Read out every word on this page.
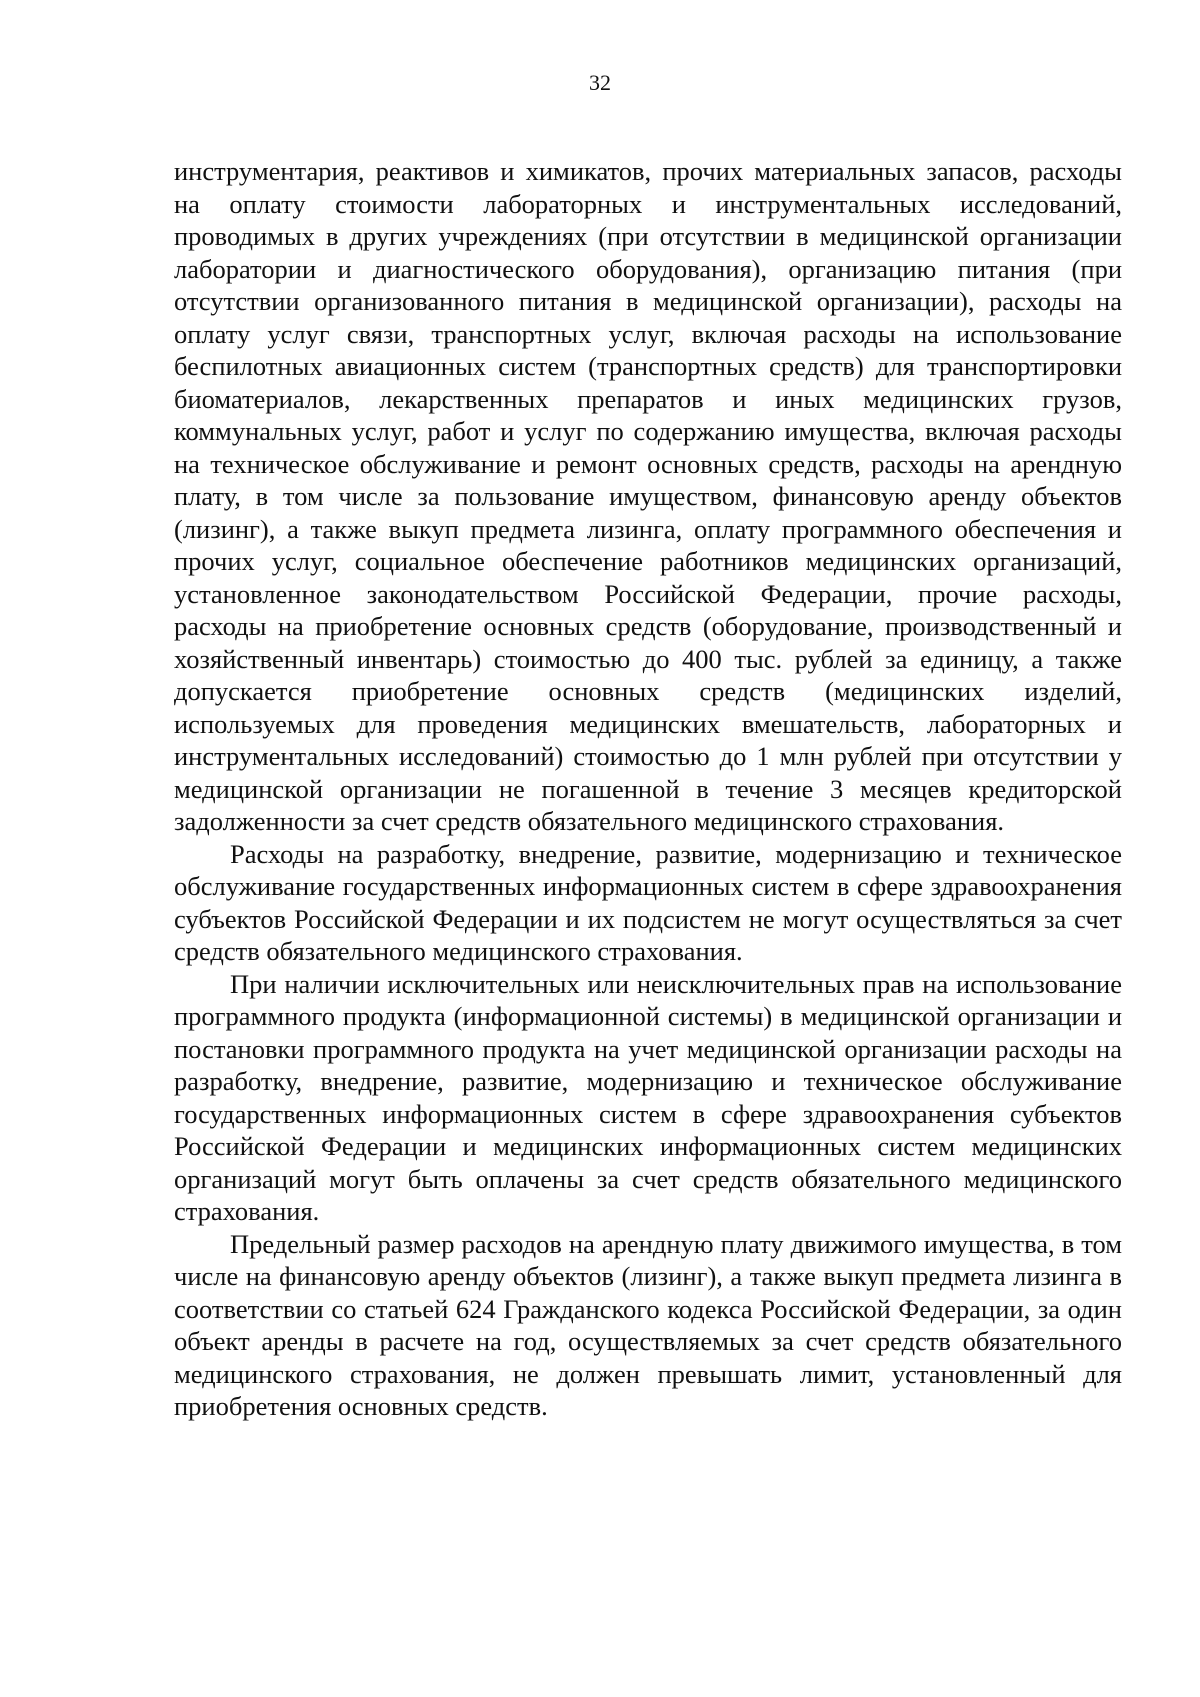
32

инструментария, реактивов и химикатов, прочих материальных запасов, расходы на оплату стоимости лабораторных и инструментальных исследований, проводимых в других учреждениях (при отсутствии в медицинской организации лаборатории и диагностического оборудования), организацию питания (при отсутствии организованного питания в медицинской организации), расходы на оплату услуг связи, транспортных услуг, включая расходы на использование беспилотных авиационных систем (транспортных средств) для транспортировки биоматериалов, лекарственных препаратов и иных медицинских грузов, коммунальных услуг, работ и услуг по содержанию имущества, включая расходы на техническое обслуживание и ремонт основных средств, расходы на арендную плату, в том числе за пользование имуществом, финансовую аренду объектов (лизинг), а также выкуп предмета лизинга, оплату программного обеспечения и прочих услуг, социальное обеспечение работников медицинских организаций, установленное законодательством Российской Федерации, прочие расходы, расходы на приобретение основных средств (оборудование, производственный и хозяйственный инвентарь) стоимостью до 400 тыс. рублей за единицу, а также допускается приобретение основных средств (медицинских изделий, используемых для проведения медицинских вмешательств, лабораторных и инструментальных исследований) стоимостью до 1 млн рублей при отсутствии у медицинской организации не погашенной в течение 3 месяцев кредиторской задолженности за счет средств обязательного медицинского страхования.

Расходы на разработку, внедрение, развитие, модернизацию и техническое обслуживание государственных информационных систем в сфере здравоохранения субъектов Российской Федерации и их подсистем не могут осуществляться за счет средств обязательного медицинского страхования.

При наличии исключительных или неисключительных прав на использование программного продукта (информационной системы) в медицинской организации и постановки программного продукта на учет медицинской организации расходы на разработку, внедрение, развитие, модернизацию и техническое обслуживание государственных информационных систем в сфере здравоохранения субъектов Российской Федерации и медицинских информационных систем медицинских организаций могут быть оплачены за счет средств обязательного медицинского страхования.

Предельный размер расходов на арендную плату движимого имущества, в том числе на финансовую аренду объектов (лизинг), а также выкуп предмета лизинга в соответствии со статьей 624 Гражданского кодекса Российской Федерации, за один объект аренды в расчете на год, осуществляемых за счет средств обязательного медицинского страхования, не должен превышать лимит, установленный для приобретения основных средств.
